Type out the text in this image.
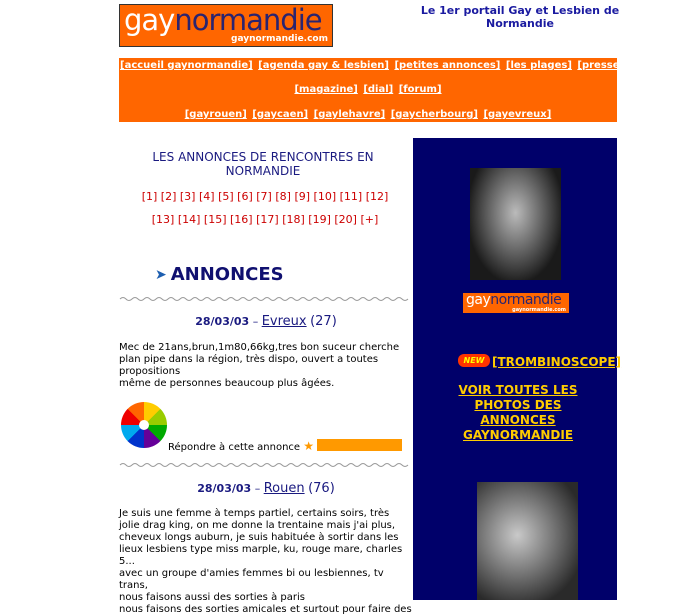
gaynormandie
gaynormandie.com
Le 1er portail Gay et Lesbien de Normandie
[accueil gaynormandie] [agenda gay & lesbien] [petites annonces] [les plages] [presse]
[magazine] [dial] [forum]
[gayrouen] [gaycaen] [gaylehavre] [gaycherbourg] [gayevreux]
LES ANNONCES DE RENCONTRES EN NORMANDIE
[1] [2] [3] [4] [5] [6] [7] [8] [9] [10] [11] [12]
[13] [14] [15] [16] [17] [18] [19] [20] [+]
➤ ANNONCES
28/03/03 – Evreux (27)
Mec de 21ans,brun,1m80,66kg,tres bon suceur cherche
plan pipe dans la région, très dispo, ouvert a toutes
propositions
même de personnes beaucoup plus âgées.
Répondre à cette annonce ★
28/03/03 – Rouen (76)
Je suis une femme à temps partiel, certains soirs, très
jolie drag king, on me donne la trentaine mais j'ai plus,
cheveux longs auburn, je suis habituée à sortir dans les
lieux lesbiens type miss marple, ku, rouge mare, charles
5...
avec un groupe d'amies femmes bi ou lesbiennes, tv trans,
nous faisons aussi des sorties à paris
nous faisons des sorties amicales et surtout pour faire des
gaynormandie
gaynormandie.com
NEW [TROMBINOSCOPE]
VOIR TOUTES LES PHOTOS DES ANNONCES GAYNORMANDIE
